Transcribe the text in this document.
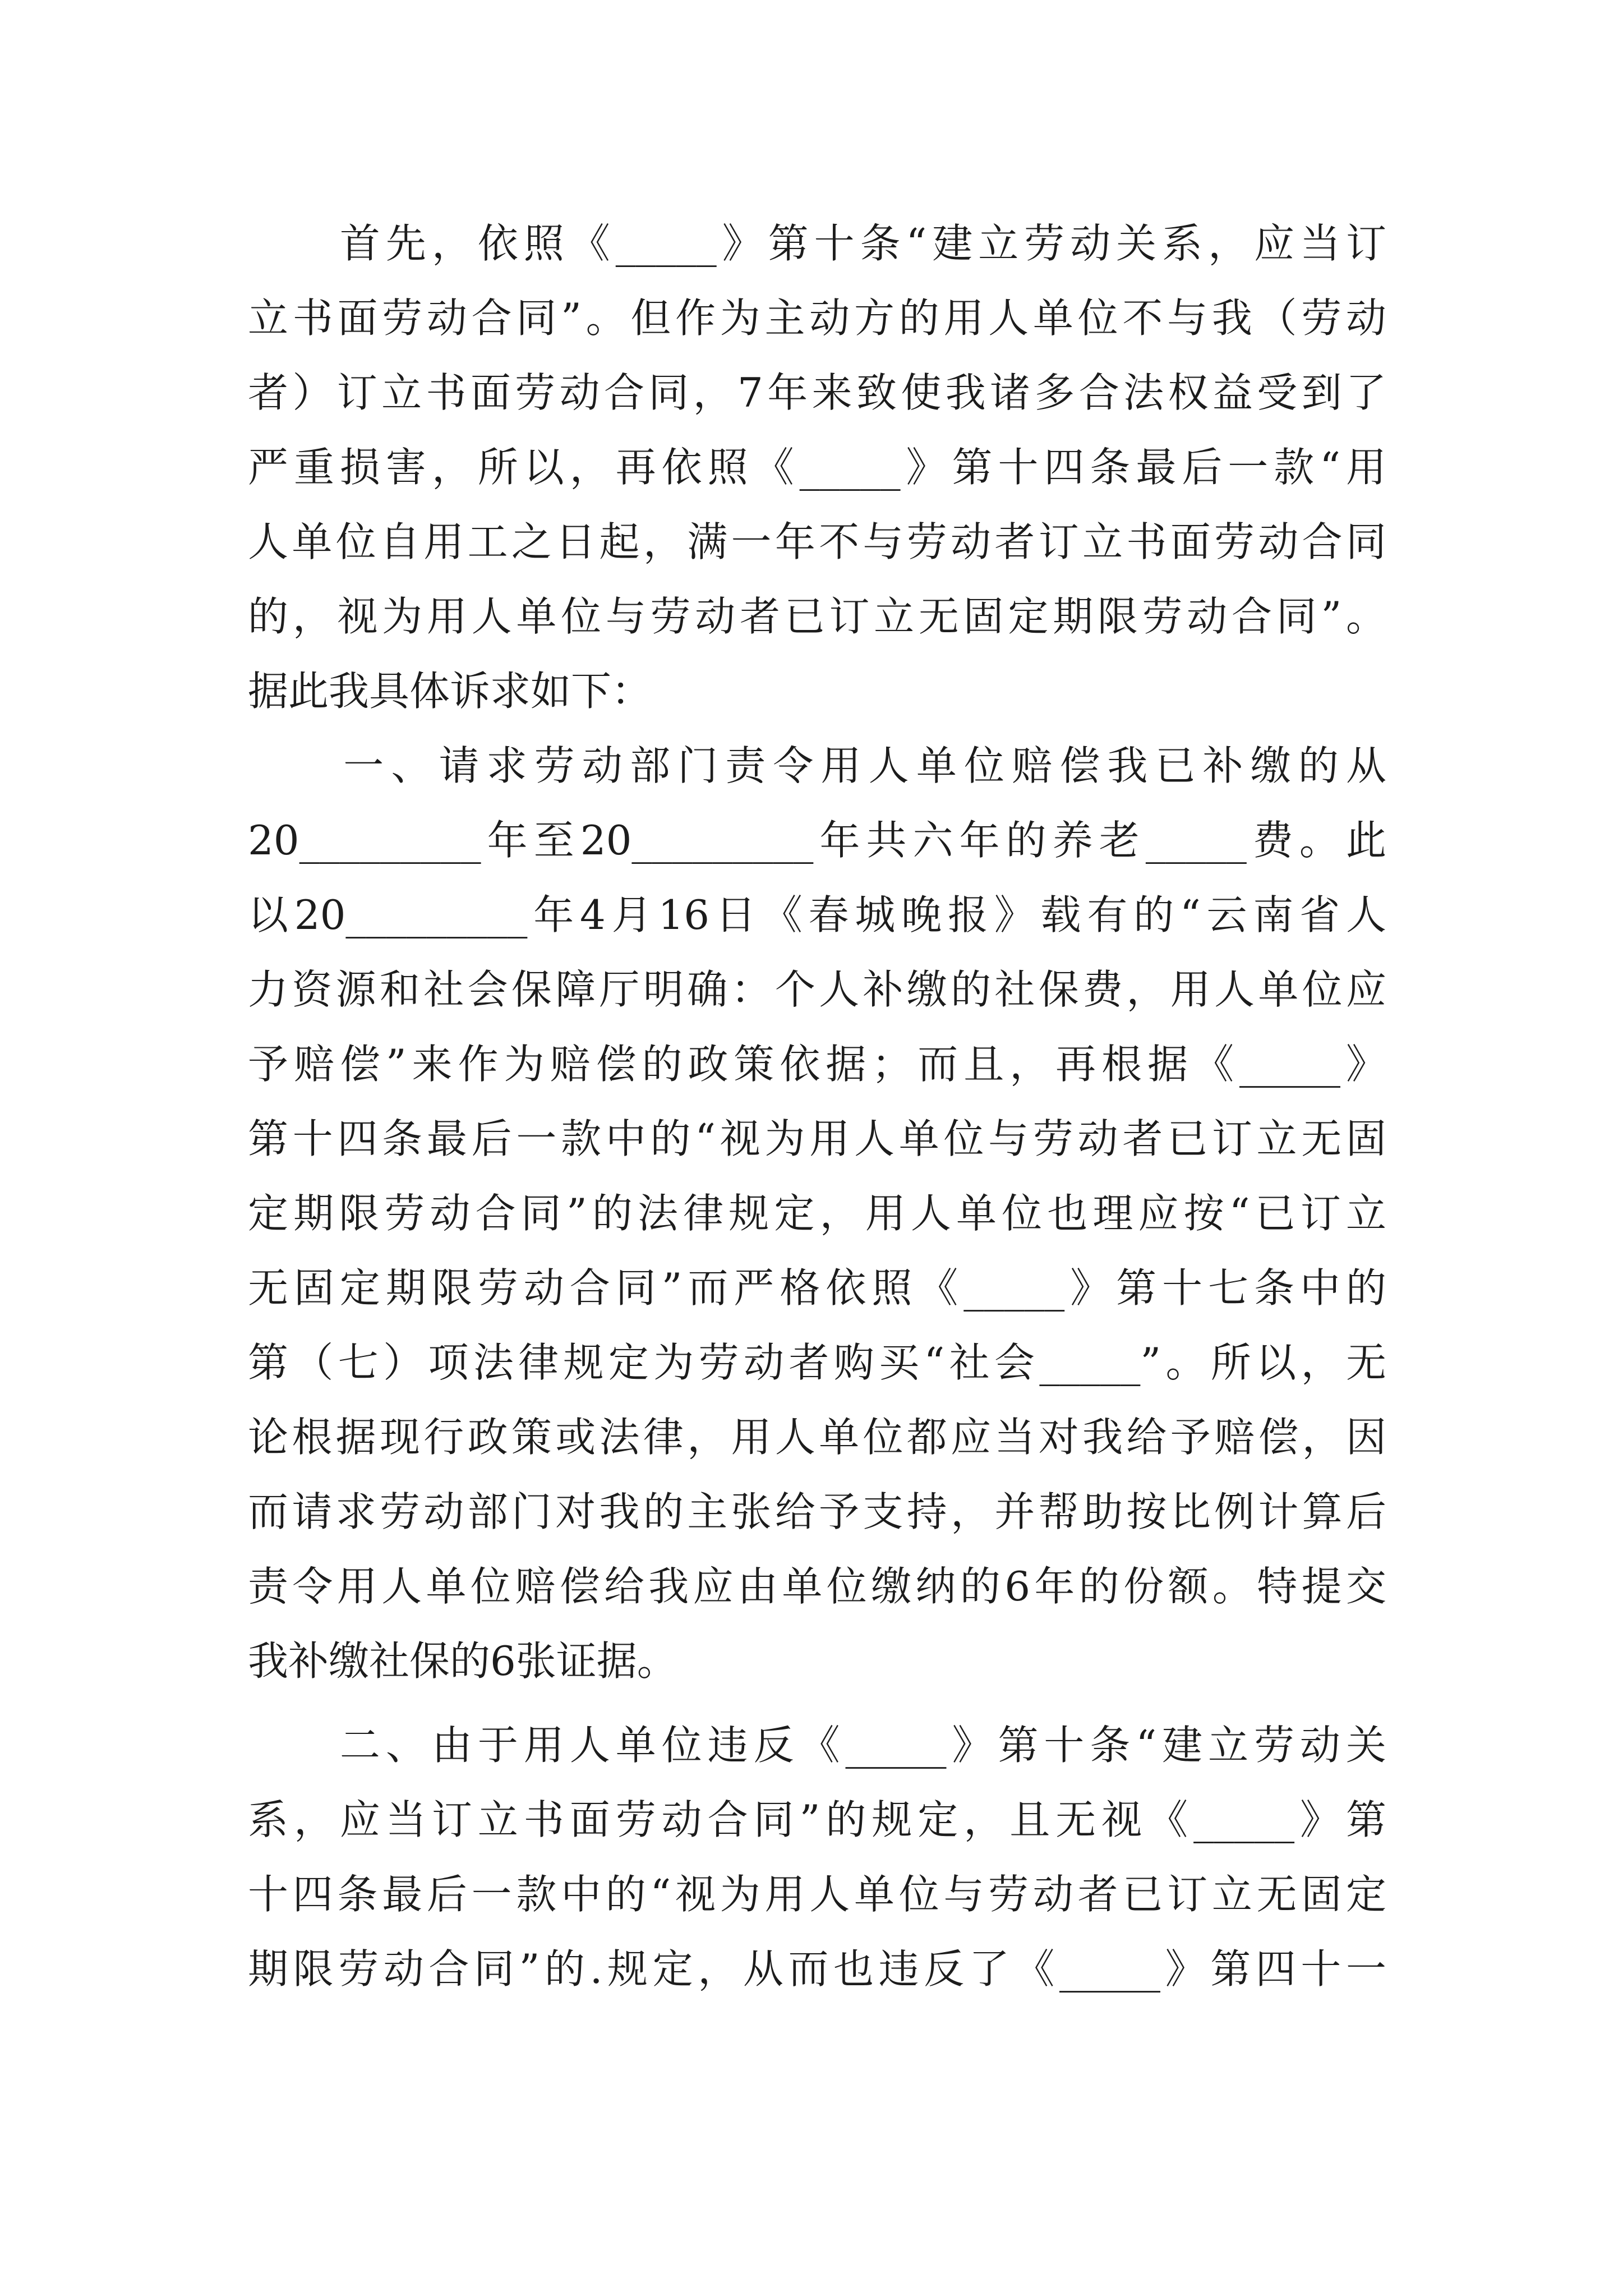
　　首先，依照《_____》第十条“建立劳动关系，应当订
立书面劳动合同”。但作为主动方的用人单位不与我（劳动
者）订立书面劳动合同，7年来致使我诸多合法权益受到了
严重损害，所以，再依照《_____》第十四条最后一款“用
人单位自用工之日起，满一年不与劳动者订立书面劳动合同
的，视为用人单位与劳动者已订立无固定期限劳动合同”。
据此我具体诉求如下：
　　一、请求劳动部门责令用人单位赔偿我已补缴的从
20_________年至20_________年共六年的养老_____费。此
以20_________年4月16日《春城晚报》载有的“云南省人
力资源和社会保障厅明确：个人补缴的社保费，用人单位应
予赔偿”来作为赔偿的政策依据；而且，再根据《_____》
第十四条最后一款中的“视为用人单位与劳动者已订立无固
定期限劳动合同”的法律规定，用人单位也理应按“已订立
无固定期限劳动合同”而严格依照《_____》第十七条中的
第（七）项法律规定为劳动者购买“社会_____”。所以，无
论根据现行政策或法律，用人单位都应当对我给予赔偿，因
而请求劳动部门对我的主张给予支持，并帮助按比例计算后
责令用人单位赔偿给我应由单位缴纳的6年的份额。特提交
我补缴社保的6张证据。
　　二、由于用人单位违反《_____》第十条“建立劳动关
系，应当订立书面劳动合同”的规定，且无视《_____》第
十四条最后一款中的“视为用人单位与劳动者已订立无固定
期限劳动合同”的.规定，从而也违反了《_____》第四十一
